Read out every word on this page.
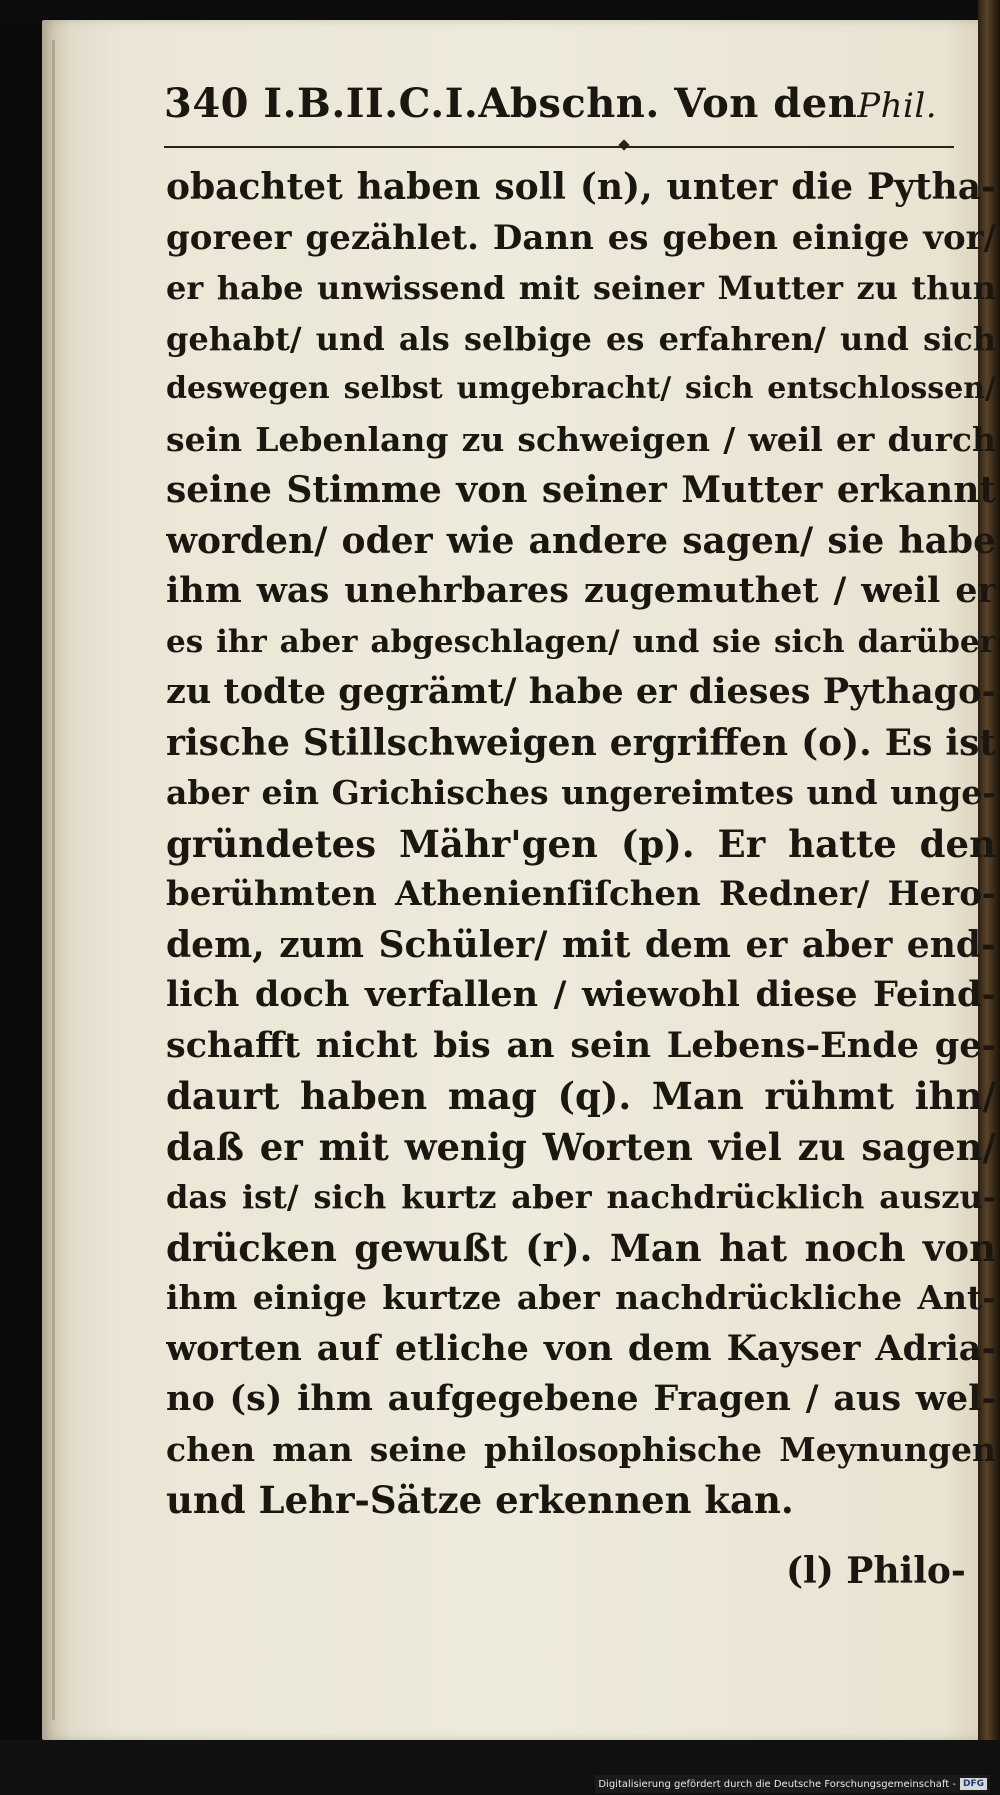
340 I.B.II.C.I.Abschn. Von denPhil.
obachtet haben soll (n), unter die Pytha-
goreer gezählet. Dann es geben einige vor/
er habe unwissend mit seiner Mutter zu thun
gehabt/ und als selbige es erfahren/ und sich
deswegen selbst umgebracht/ sich entschlossen/
sein Lebenlang zu schweigen / weil er durch
seine Stimme von seiner Mutter erkannt
worden/ oder wie andere sagen/ sie habe
ihm was unehrbares zugemuthet / weil er
es ihr aber abgeschlagen/ und sie sich darüber
zu todte gegrämt/ habe er dieses Pythago-
rische Stillschweigen ergriffen (o). Es ist
aber ein Grichisches ungereimtes und unge-
gründetes Mähr'gen (p). Er hatte den
berühmten Athenienſiſchen Redner/ Hero-
dem, zum Schüler/ mit dem er aber end-
lich doch verfallen / wiewohl diese Feind-
schafft nicht bis an sein Lebens-Ende ge-
daurt haben mag (q). Man rühmt ihn/
daß er mit wenig Worten viel zu sagen/
das ist/ sich kurtz aber nachdrücklich auszu-
drücken gewußt (r). Man hat noch von
ihm einige kurtze aber nachdrückliche Ant-
worten auf etliche von dem Kayser Adria-
no (s) ihm aufgegebene Fragen / aus wel-
chen man seine philosophische Meynungen
und Lehr-Sätze erkennen kan.
(l) Philo-
Digitalisierung gefördert durch die Deutsche Forschungsgemeinschaft - DFG
